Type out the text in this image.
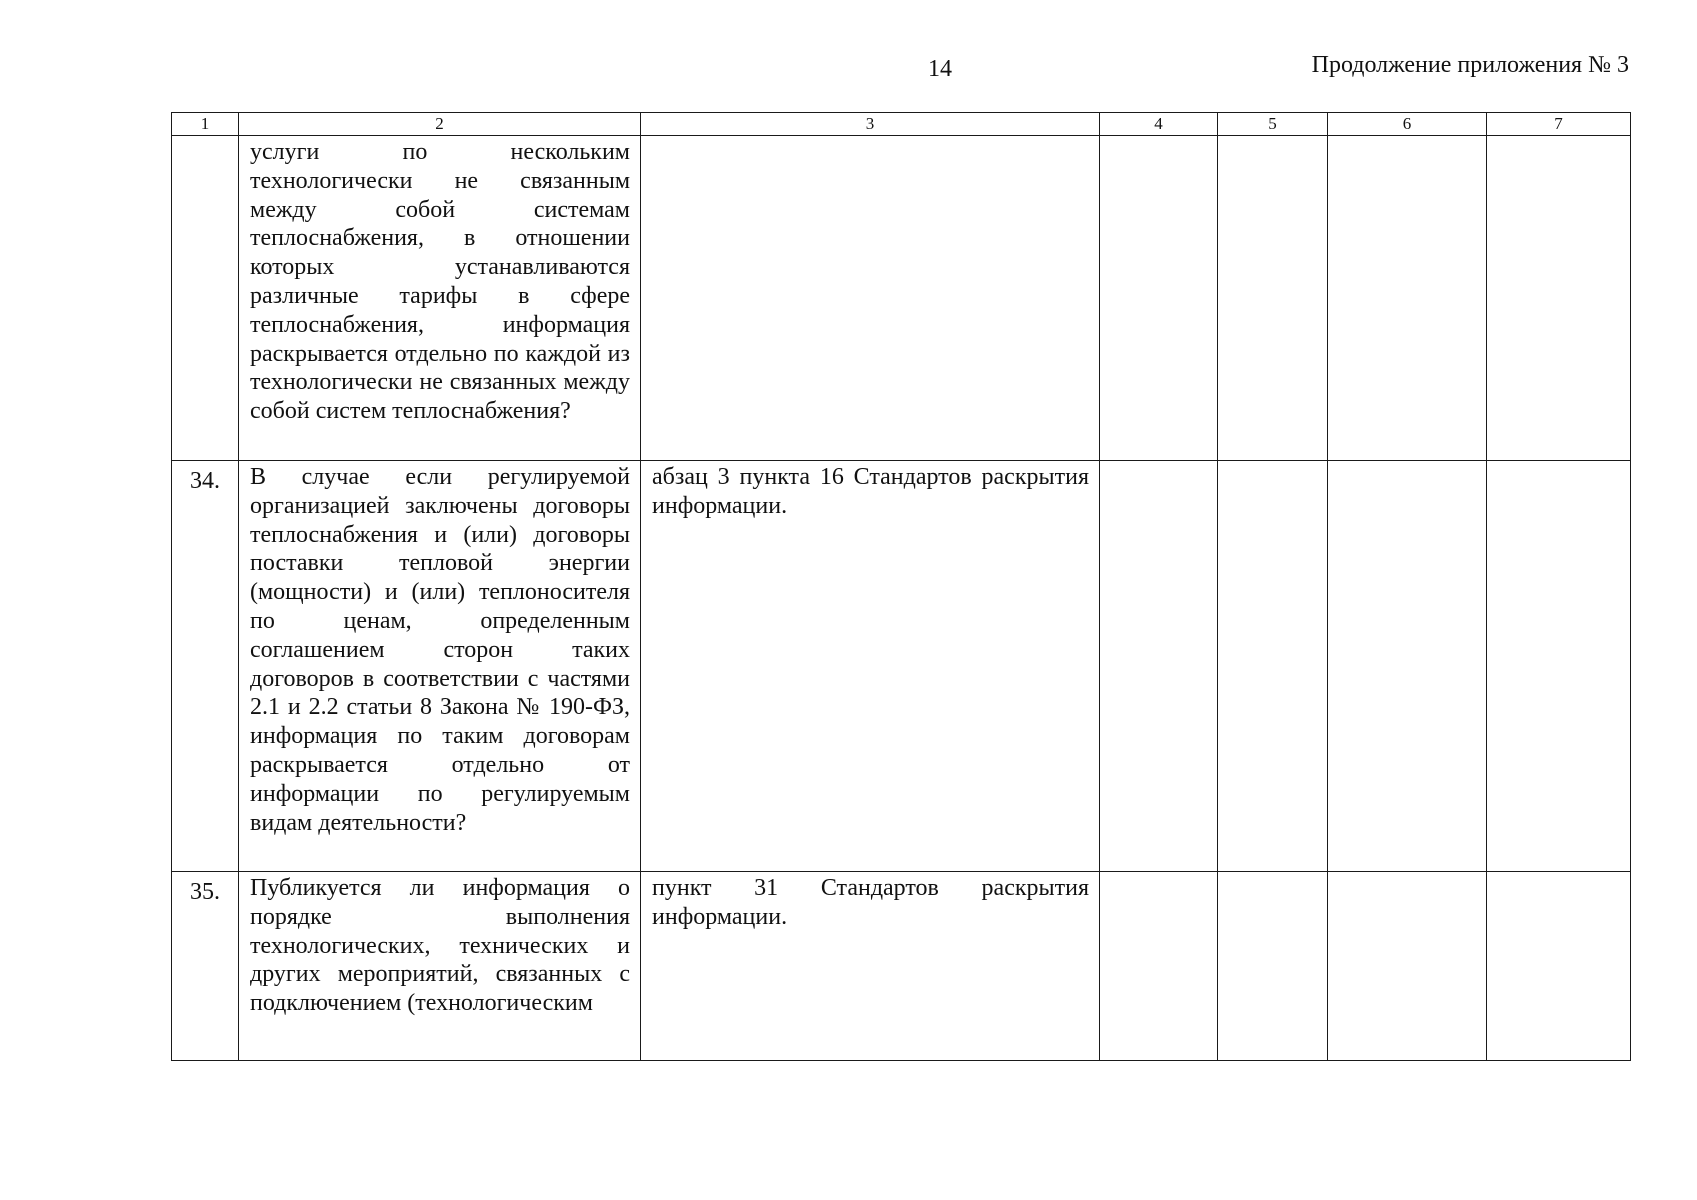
14	Продолжение приложения № 3
1	2	3	4	5	6	7
	услуги по нескольким технологически не связанным между собой системам теплоснабжения, в отношении которых устанавливаются различные тарифы в сфере теплоснабжения, информация раскрывается отдельно по каждой из технологически не связанных между собой систем теплоснабжения?					
34.	В случае если регулируемой организацией заключены договоры теплоснабжения и (или) договоры поставки тепловой энергии (мощности) и (или) теплоносителя по ценам, определенным соглашением сторон таких договоров в соответствии с частями 2.1 и 2.2 статьи 8 Закона № 190-ФЗ, информация по таким договорам раскрывается отдельно от информации по регулируемым видам деятельности?	абзац 3 пункта 16 Стандартов раскрытия информации.				
35.	Публикуется ли информация о порядке выполнения технологических, технических и других мероприятий, связанных с подключением (технологическим	пункт 31 Стандартов раскрытия информации.				
